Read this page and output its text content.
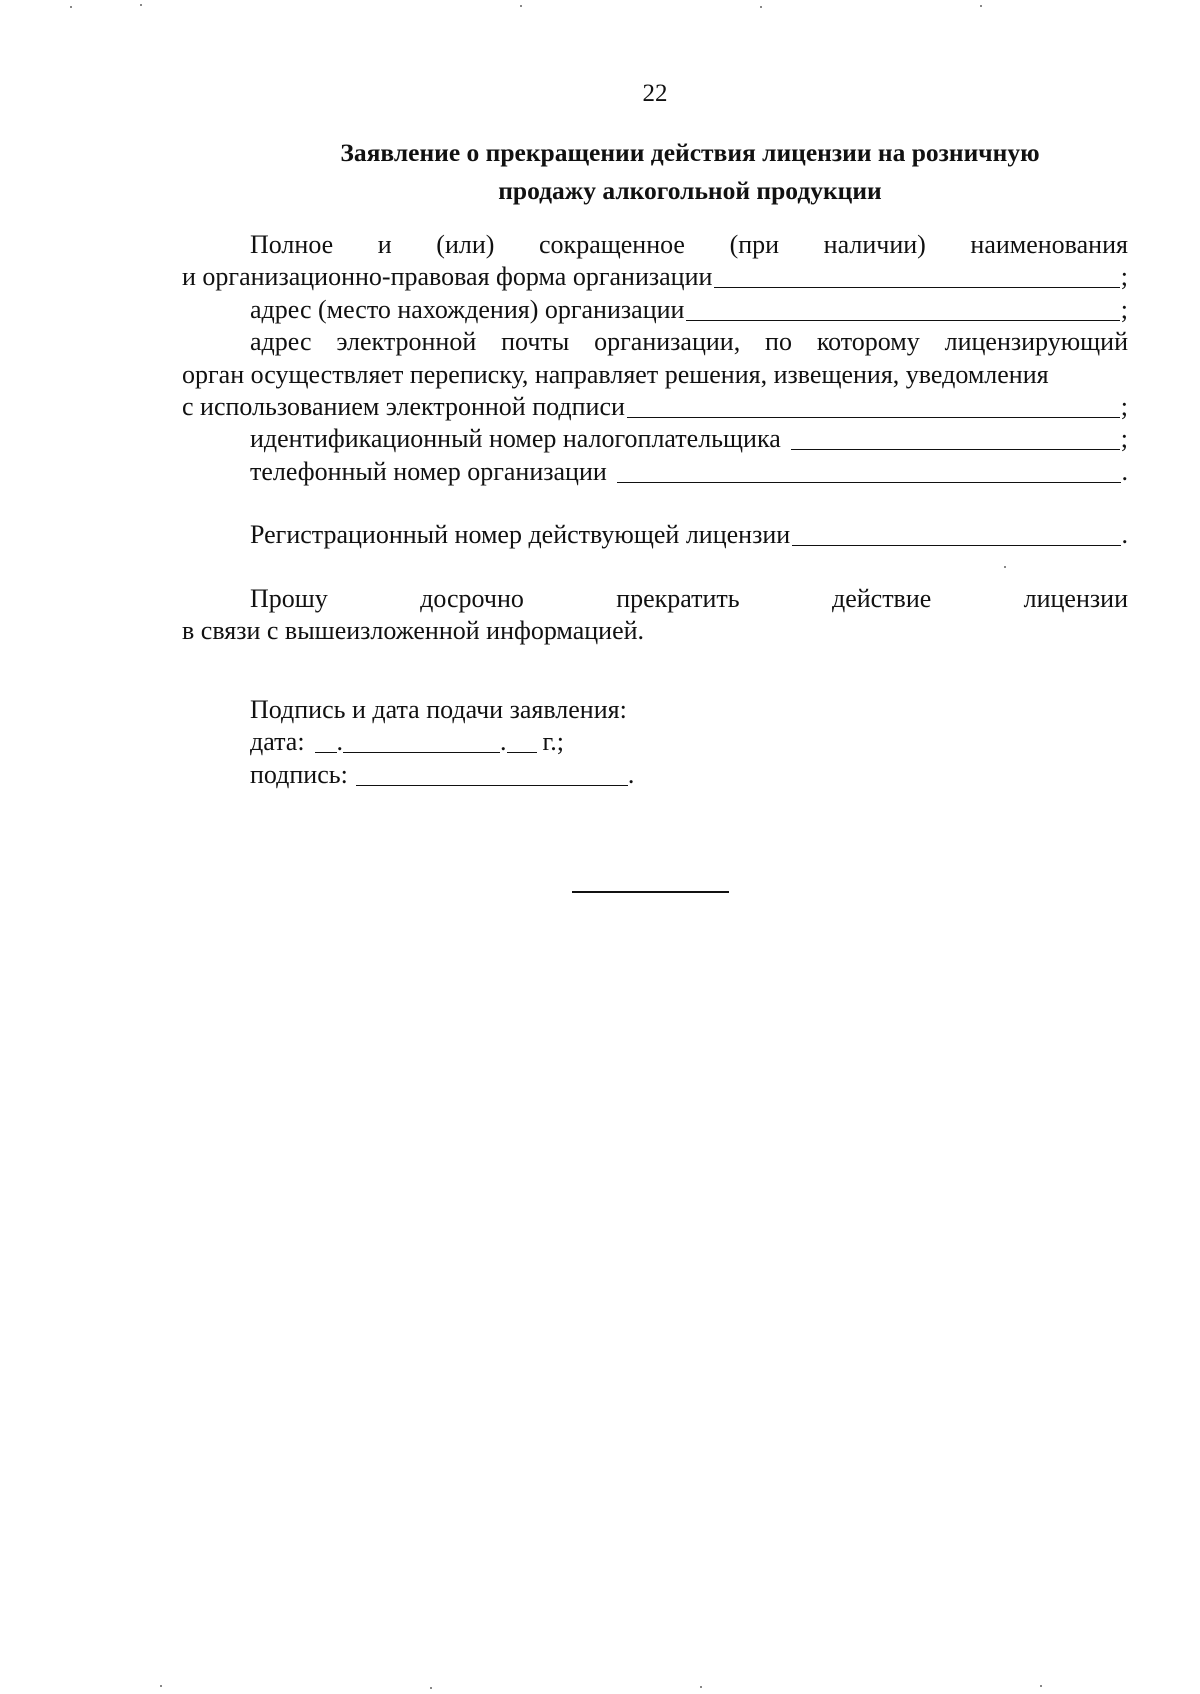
22
Заявление о прекращении действия лицензии на розничную
продажу алкогольной продукции
Полное и (или) сокращенное (при наличии) наименования
и организационно-правовая форма организации	;
адрес (место нахождения) организации	;
адрес электронной почты организации, по которому лицензирующий
орган осуществляет переписку, направляет решения, извещения, уведомления
с использованием электронной подписи	;
идентификационный номер налогоплательщика	;
телефонный номер организации	.
Регистрационный номер действующей лицензии	.
Прошу	досрочно	прекратить	действие	лицензии
в связи с вышеизложенной информацией.
Подпись и дата подачи заявления:
дата: .	. г.;
подпись:	.
